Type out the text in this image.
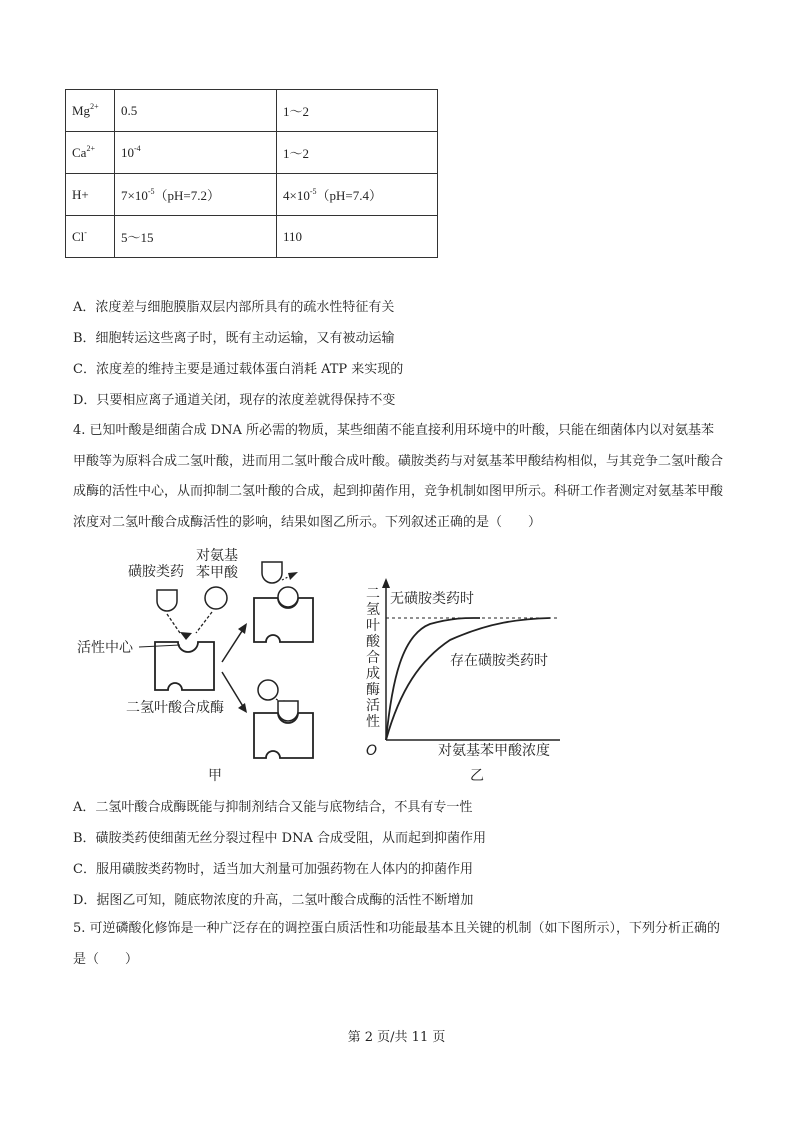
$Mg^{2+}$	0.5	1～2
$Ca^{2+}$	$10^{-4}$	1～2
H+	$7\times 10^{-5}(pH=7.2)$	$4\times 10^{-5}(pH=7.4)$
Cl-	5～15	110
A．浓度差与细胞膜脂双层内部所具有的疏水性特征有关
B．细胞转运这些离子时，既有主动运输，又有被动运输
C．浓度差的维持主要是通过载体蛋白消耗 ATP 来实现的
D．只要相应离子通道关闭，现存的浓度差就得保持不变
4. 已知叶酸是细菌合成 DNA 所必需的物质，某些细菌不能直接利用环境中的叶酸，只能在细菌体内以对氨基苯甲酸等为原料合成二氢叶酸，进而用二氢叶酸合成叶酸。磺胺类药与对氨基苯甲酸结构相似，与其竞争二氢叶酸合成酶的活性中心，从而抑制二氢叶酸的合成，起到抑菌作用，竞争机制如图甲所示。科研工作者测定对氨基苯甲酸浓度对二氢叶酸合成酶活性的影响，结果如图乙所示。下列叙述正确的是（　　）
磺胺类药
对氨基
苯甲酸
活性中心
二氢叶酸合成酶
甲
二氢叶酸合成酶活性
无磺胺类药时
存在磺胺类药时
O	对氨基苯甲酸浓度
乙
A．二氢叶酸合成酶既能与抑制剂结合又能与底物结合，不具有专一性
B．磺胺类药使细菌无丝分裂过程中 DNA 合成受阻，从而起到抑菌作用
C．服用磺胺类药物时，适当加大剂量可加强药物在人体内的抑菌作用
D．据图乙可知，随底物浓度的升高，二氢叶酸合成酶的活性不断增加
5. 可逆磷酸化修饰是一种广泛存在的调控蛋白质活性和功能最基本且关键的机制（如下图所示），下列分析正确的是（　　）
第 2 页/共 11 页
